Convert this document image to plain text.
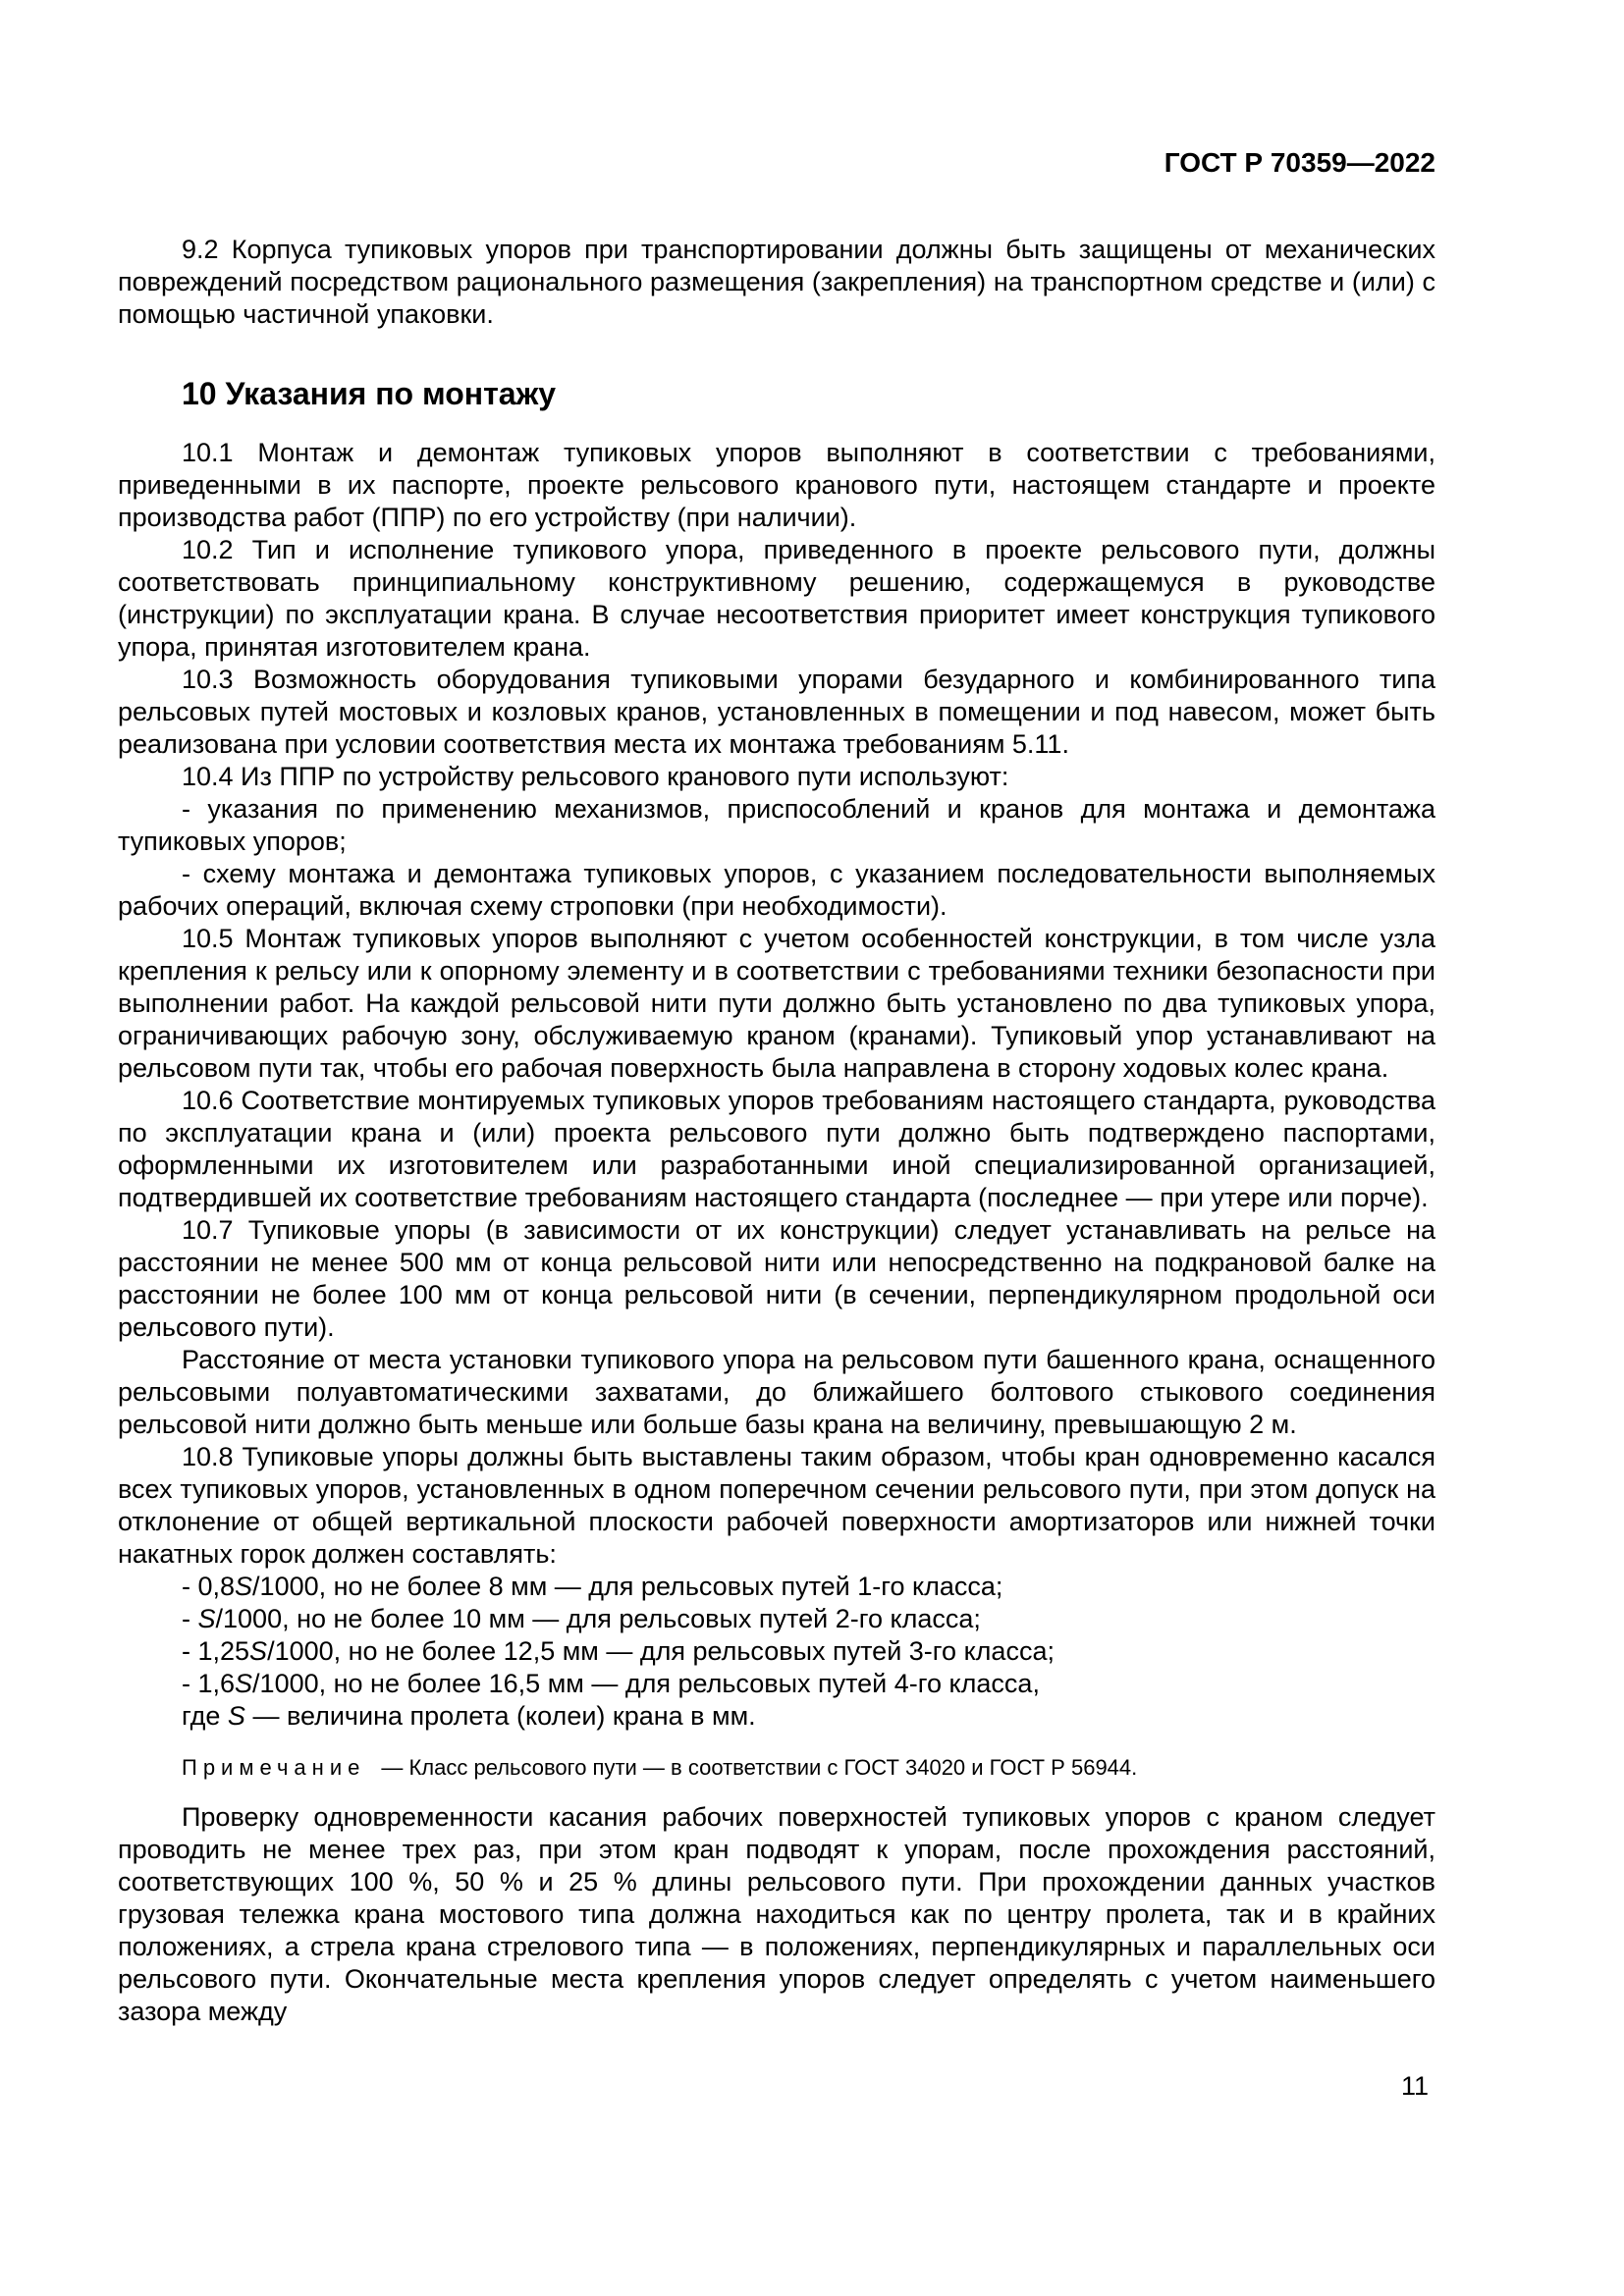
ГОСТ Р 70359—2022

9.2 Корпуса тупиковых упоров при транспортировании должны быть защищены от механических повреждений посредством рационального размещения (закрепления) на транспортном средстве и (или) с помощью частичной упаковки.

10 Указания по монтажу

10.1 Монтаж и демонтаж тупиковых упоров выполняют в соответствии с требованиями, приведенными в их паспорте, проекте рельсового кранового пути, настоящем стандарте и проекте производства работ (ППР) по его устройству (при наличии).

10.2 Тип и исполнение тупикового упора, приведенного в проекте рельсового пути, должны соответствовать принципиальному конструктивному решению, содержащемуся в руководстве (инструкции) по эксплуатации крана. В случае несоответствия приоритет имеет конструкция тупикового упора, принятая изготовителем крана.

10.3 Возможность оборудования тупиковыми упорами безударного и комбинированного типа рельсовых путей мостовых и козловых кранов, установленных в помещении и под навесом, может быть реализована при условии соответствия места их монтажа требованиям 5.11.

10.4 Из ППР по устройству рельсового кранового пути используют:

- указания по применению механизмов, приспособлений и кранов для монтажа и демонтажа тупиковых упоров;

- схему монтажа и демонтажа тупиковых упоров, с указанием последовательности выполняемых рабочих операций, включая схему строповки (при необходимости).

10.5 Монтаж тупиковых упоров выполняют с учетом особенностей конструкции, в том числе узла крепления к рельсу или к опорному элементу и в соответствии с требованиями техники безопасности при выполнении работ. На каждой рельсовой нити пути должно быть установлено по два тупиковых упора, ограничивающих рабочую зону, обслуживаемую краном (кранами). Тупиковый упор устанавливают на рельсовом пути так, чтобы его рабочая поверхность была направлена в сторону ходовых колес крана.

10.6 Соответствие монтируемых тупиковых упоров требованиям настоящего стандарта, руководства по эксплуатации крана и (или) проекта рельсового пути должно быть подтверждено паспортами, оформленными их изготовителем или разработанными иной специализированной организацией, подтвердившей их соответствие требованиям настоящего стандарта (последнее — при утере или порче).

10.7 Тупиковые упоры (в зависимости от их конструкции) следует устанавливать на рельсе на расстоянии не менее 500 мм от конца рельсовой нити или непосредственно на подкрановой балке на расстоянии не более 100 мм от конца рельсовой нити (в сечении, перпендикулярном продольной оси рельсового пути).

Расстояние от места установки тупикового упора на рельсовом пути башенного крана, оснащенного рельсовыми полуавтоматическими захватами, до ближайшего болтового стыкового соединения рельсовой нити должно быть меньше или больше базы крана на величину, превышающую 2 м.

10.8 Тупиковые упоры должны быть выставлены таким образом, чтобы кран одновременно касался всех тупиковых упоров, установленных в одном поперечном сечении рельсового пути, при этом допуск на отклонение от общей вертикальной плоскости рабочей поверхности амортизаторов или нижней точки накатных горок должен составлять:

- 0,8S/1000, но не более 8 мм — для рельсовых путей 1-го класса;

- S/1000, но не более 10 мм — для рельсовых путей 2-го класса;

- 1,25S/1000, но не более 12,5 мм — для рельсовых путей 3-го класса;

- 1,6S/1000, но не более 16,5 мм — для рельсовых путей 4-го класса,

где S — величина пролета (колеи) крана в мм.

Примечание — Класс рельсового пути — в соответствии с ГОСТ 34020 и ГОСТ Р 56944.

Проверку одновременности касания рабочих поверхностей тупиковых упоров с краном следует проводить не менее трех раз, при этом кран подводят к упорам, после прохождения расстояний, соответствующих 100 %, 50 % и 25 % длины рельсового пути. При прохождении данных участков грузовая тележка крана мостового типа должна находиться как по центру пролета, так и в крайних положениях, а стрела крана стрелового типа — в положениях, перпендикулярных и параллельных оси рельсового пути. Окончательные места крепления упоров следует определять с учетом наименьшего зазора между

11
